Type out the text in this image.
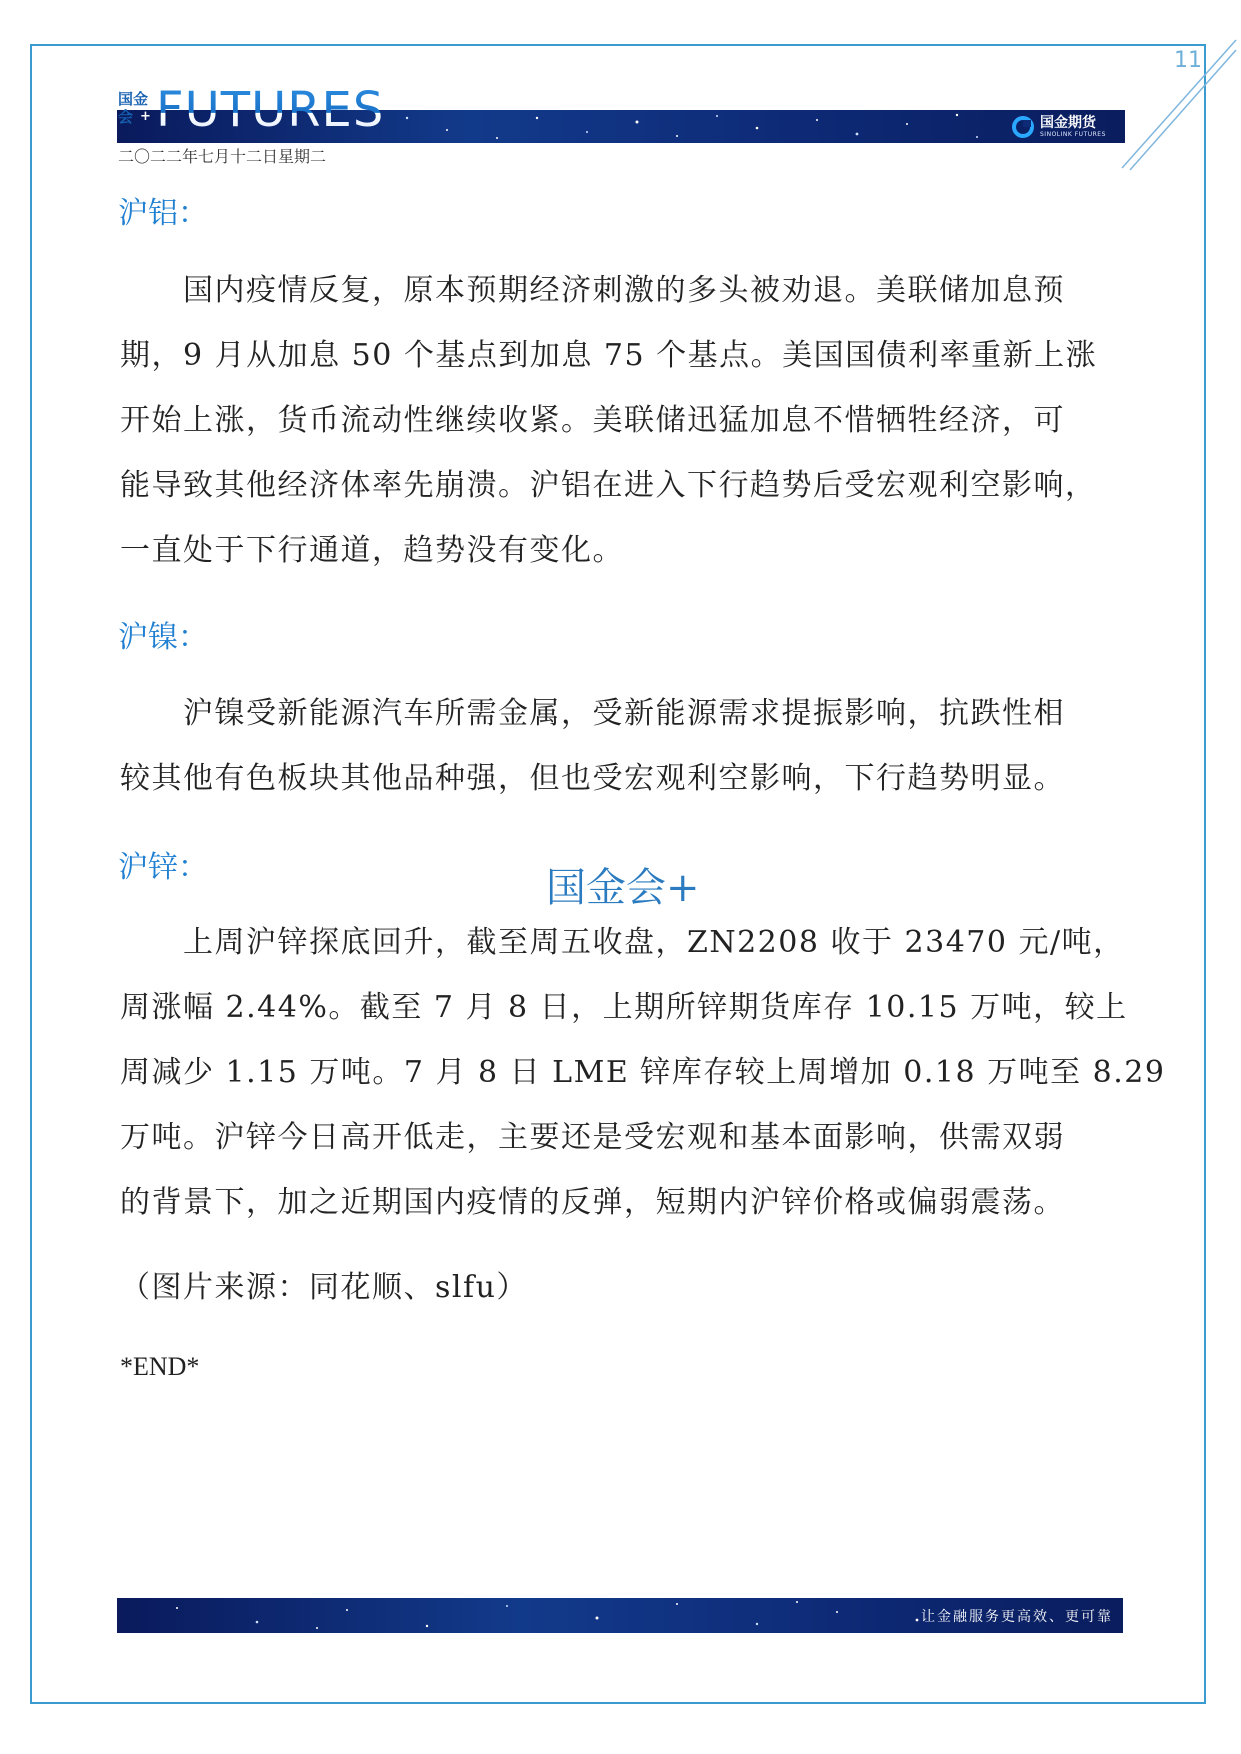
11
国金
会 + FUTURES	国金期货
SINOLINK FUTURES
二〇二二年七月十二日星期二
沪铝：
　　国内疫情反复，原本预期经济刺激的多头被劝退。美联储加息预
期，9 月从加息 50 个基点到加息 75 个基点。美国国债利率重新上涨
开始上涨，货币流动性继续收紧。美联储迅猛加息不惜牺牲经济，可
能导致其他经济体率先崩溃。沪铝在进入下行趋势后受宏观利空影响，
一直处于下行通道，趋势没有变化。
沪镍：
　　沪镍受新能源汽车所需金属，受新能源需求提振影响，抗跌性相
较其他有色板块其他品种强，但也受宏观利空影响，下行趋势明显。
沪锌：	国金会+
　　上周沪锌探底回升，截至周五收盘，ZN2208 收于 23470 元/吨，
周涨幅 2.44%。截至 7 月 8 日，上期所锌期货库存 10.15 万吨，较上
周减少 1.15 万吨。7 月 8 日 LME 锌库存较上周增加 0.18 万吨至 8.29
万吨。沪锌今日高开低走，主要还是受宏观和基本面影响，供需双弱
的背景下，加之近期国内疫情的反弹，短期内沪锌价格或偏弱震荡。
（图片来源：同花顺、slfu）
*END*
让金融服务更高效、更可靠
